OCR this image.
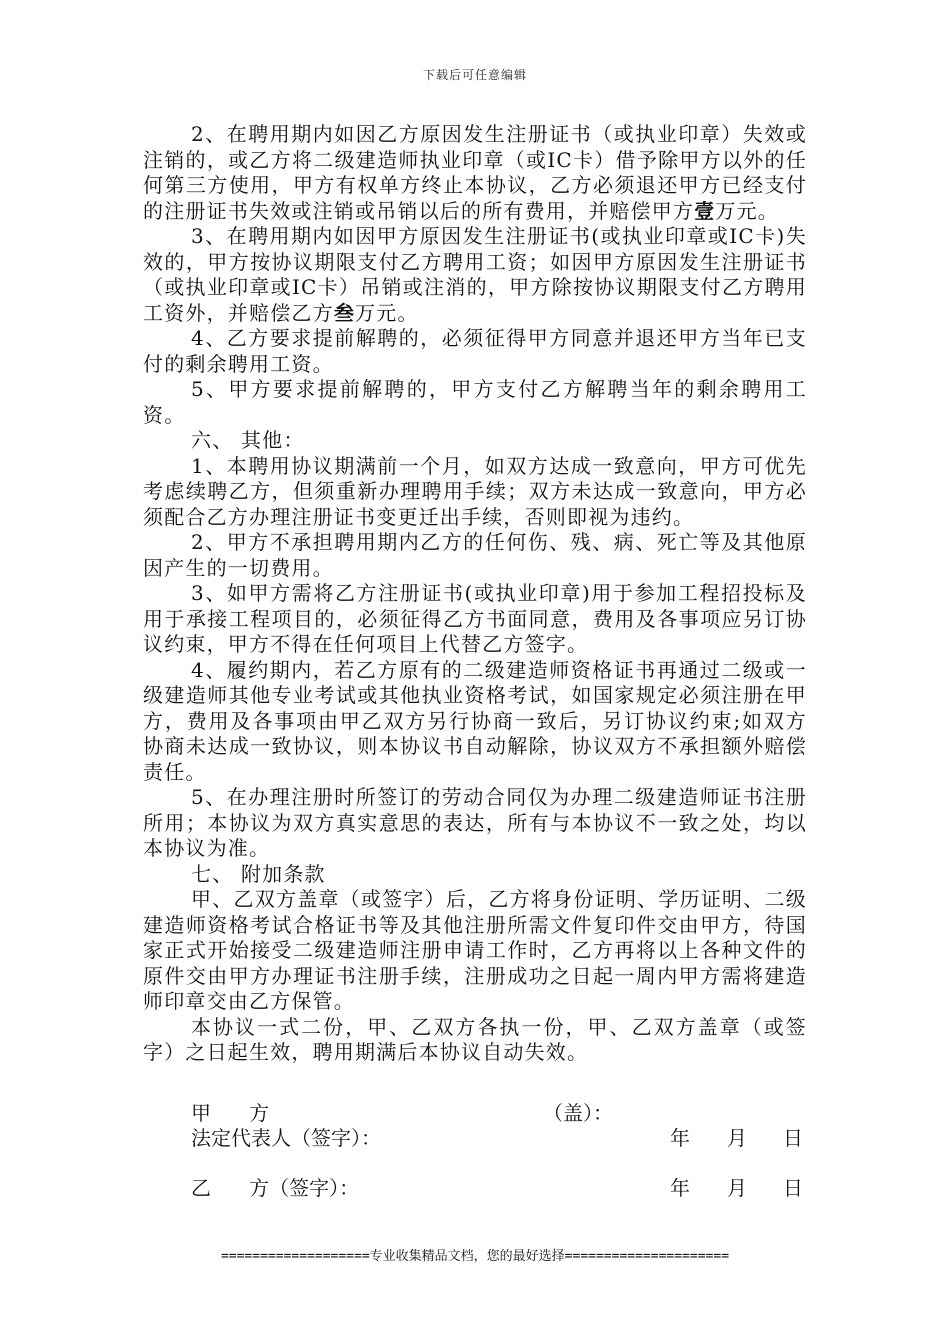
下载后可任意编辑

2、在聘用期内如因乙方原因发生注册证书（或执业印章）失效或注销的，或乙方将二级建造师执业印章（或IC卡）借予除甲方以外的任何第三方使用，甲方有权单方终止本协议，乙方必须退还甲方已经支付的注册证书失效或注销或吊销以后的所有费用，并赔偿甲方壹万元。

3、在聘用期内如因甲方原因发生注册证书(或执业印章或IC卡)失效的，甲方按协议期限支付乙方聘用工资；如因甲方原因发生注册证书（或执业印章或IC卡）吊销或注消的，甲方除按协议期限支付乙方聘用工资外，并赔偿乙方叁万元。

4、乙方要求提前解聘的，必须征得甲方同意并退还甲方当年已支付的剩余聘用工资。

5、甲方要求提前解聘的，甲方支付乙方解聘当年的剩余聘用工资。

六、 其他：

1、本聘用协议期满前一个月，如双方达成一致意向，甲方可优先考虑续聘乙方，但须重新办理聘用手续；双方未达成一致意向，甲方必须配合乙方办理注册证书变更迁出手续，否则即视为违约。

2、甲方不承担聘用期内乙方的任何伤、残、病、死亡等及其他原因产生的一切费用。

3、如甲方需将乙方注册证书(或执业印章)用于参加工程招投标及用于承接工程项目的，必须征得乙方书面同意，费用及各事项应另订协议约束，甲方不得在任何项目上代替乙方签字。

4、履约期内，若乙方原有的二级建造师资格证书再通过二级或一级建造师其他专业考试或其他执业资格考试，如国家规定必须注册在甲方，费用及各事项由甲乙双方另行协商一致后，另订协议约束;如双方协商未达成一致协议，则本协议书自动解除，协议双方不承担额外赔偿责任。

5、在办理注册时所签订的劳动合同仅为办理二级建造师证书注册所用；本协议为双方真实意思的表达，所有与本协议不一致之处，均以本协议为准。

七、 附加条款

甲、乙双方盖章（或签字）后，乙方将身份证明、学历证明、二级建造师资格考试合格证书等及其他注册所需文件复印件交由甲方，待国家正式开始接受二级建造师注册申请工作时，乙方再将以上各种文件的原件交由甲方办理证书注册手续，注册成功之日起一周内甲方需将建造师印章交由乙方保管。

本协议一式二份，甲、乙双方各执一份，甲、乙双方盖章（或签字）之日起生效，聘用期满后本协议自动失效。

甲      方	（盖）：
法定代表人（签字）：	年 月 日
乙      方（签字）：	年 月 日
===================专业收集精品文档，您的最好选择=====================
